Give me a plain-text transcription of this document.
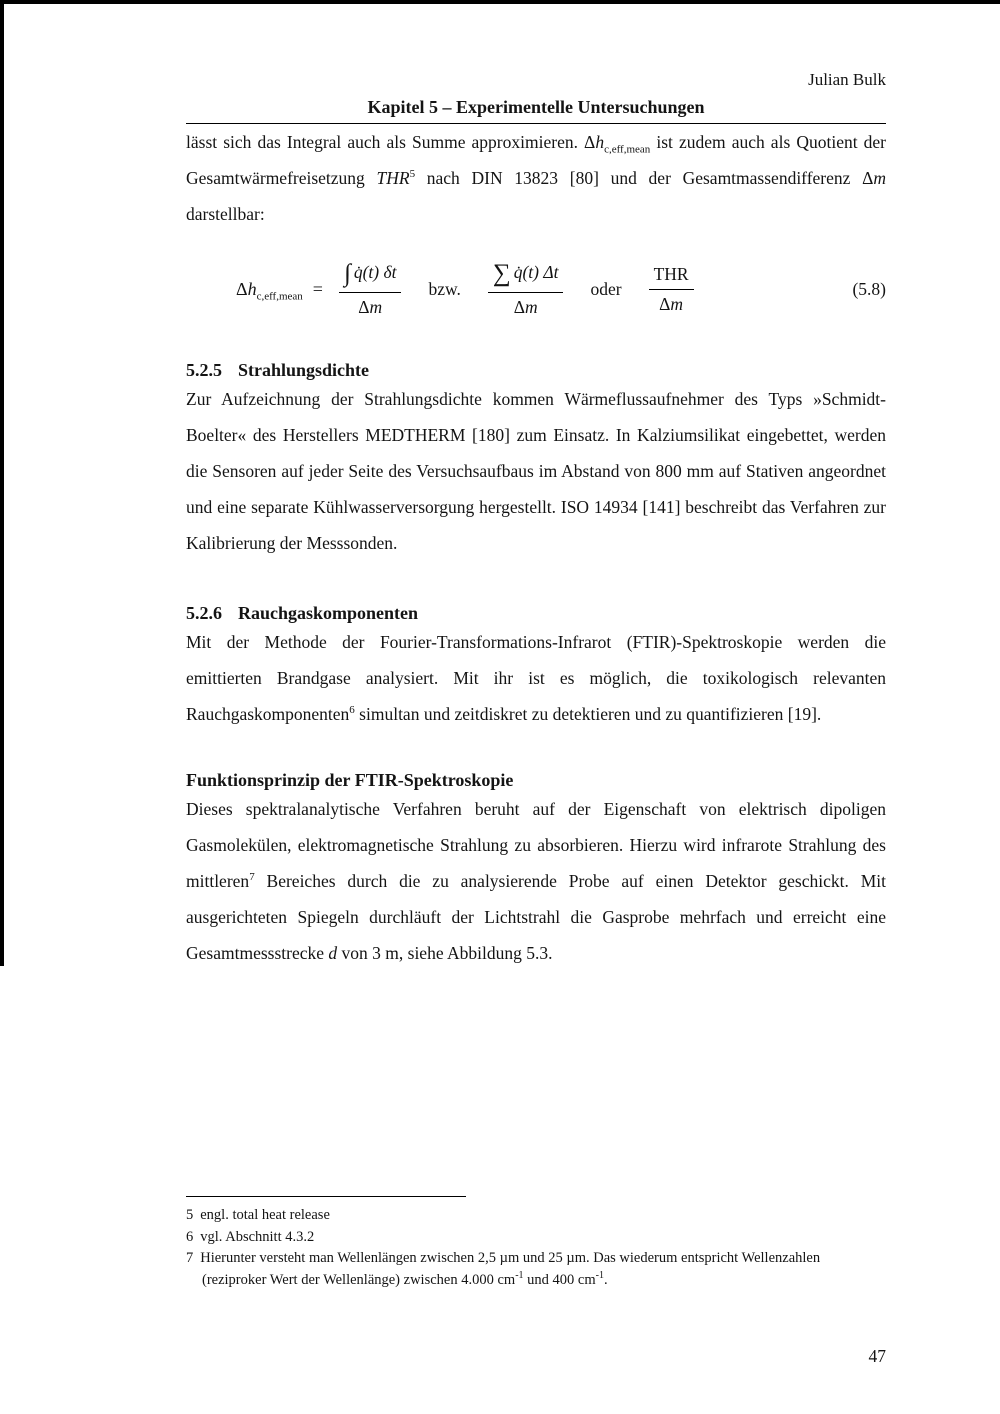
Julian Bulk
Kapitel 5 – Experimentelle Untersuchungen

lässt sich das Integral auch als Summe approximieren. $\Delta h_{c,eff,mean}$ ist zudem auch als Quotient der Gesamtwärmefreisetzung THR$^5$ nach DIN 13823 [80] und der Gesamtmassendifferenz Δm darstellbar:

$\Delta h_{c,eff,mean} = \frac{\int q̇(t) \delta t}{\Delta m}$ bzw. $\frac{\sum q̇(t) \Delta t}{\Delta m}$ oder $\frac{\text{THR}}{\Delta m}$	(5.8)
5.2.5 Strahlungsdichte

Zur Aufzeichnung der Strahlungsdichte kommen Wärmeflussaufnehmer des Typs »Schmidt-Boelter« des Herstellers MEDTHERM [180] zum Einsatz. In Kalziumsilikat eingebettet, werden die Sensoren auf jeder Seite des Versuchsaufbaus im Abstand von 800 mm auf Stativen angeordnet und eine separate Kühlwasserversorgung hergestellt. ISO 14934 [141] beschreibt das Verfahren zur Kalibrierung der Messsonden.

5.2.6 Rauchgaskomponenten

Mit der Methode der Fourier-Transformations-Infrarot (FTIR)-Spektroskopie werden die emittierten Brandgase analysiert. Mit ihr ist es möglich, die toxikologisch relevanten Rauchgaskomponenten$^6$ simultan und zeitdiskret zu detektieren und zu quantifizieren [19].

Funktionsprinzip der FTIR-Spektroskopie

Dieses spektralanalytische Verfahren beruht auf der Eigenschaft von elektrisch dipoligen Gasmolekülen, elektromagnetische Strahlung zu absorbieren. Hierzu wird infrarote Strahlung des mittleren$^7$ Bereiches durch die zu analysierende Probe auf einen Detektor geschickt. Mit ausgerichteten Spiegeln durchläuft der Lichtstrahl die Gasprobe mehrfach und erreicht eine Gesamtmessstrecke d von 3 m, siehe Abbildung 5.3.

5 engl. total heat release
6 vgl. Abschnitt 4.3.2
7 Hierunter versteht man Wellenlängen zwischen 2,5 µm und 25 µm. Das wiederum entspricht Wellenzahlen (reziproker Wert der Wellenlänge) zwischen 4.000 $cm^{-1}$ und 400 $cm^{-1}$.
47
